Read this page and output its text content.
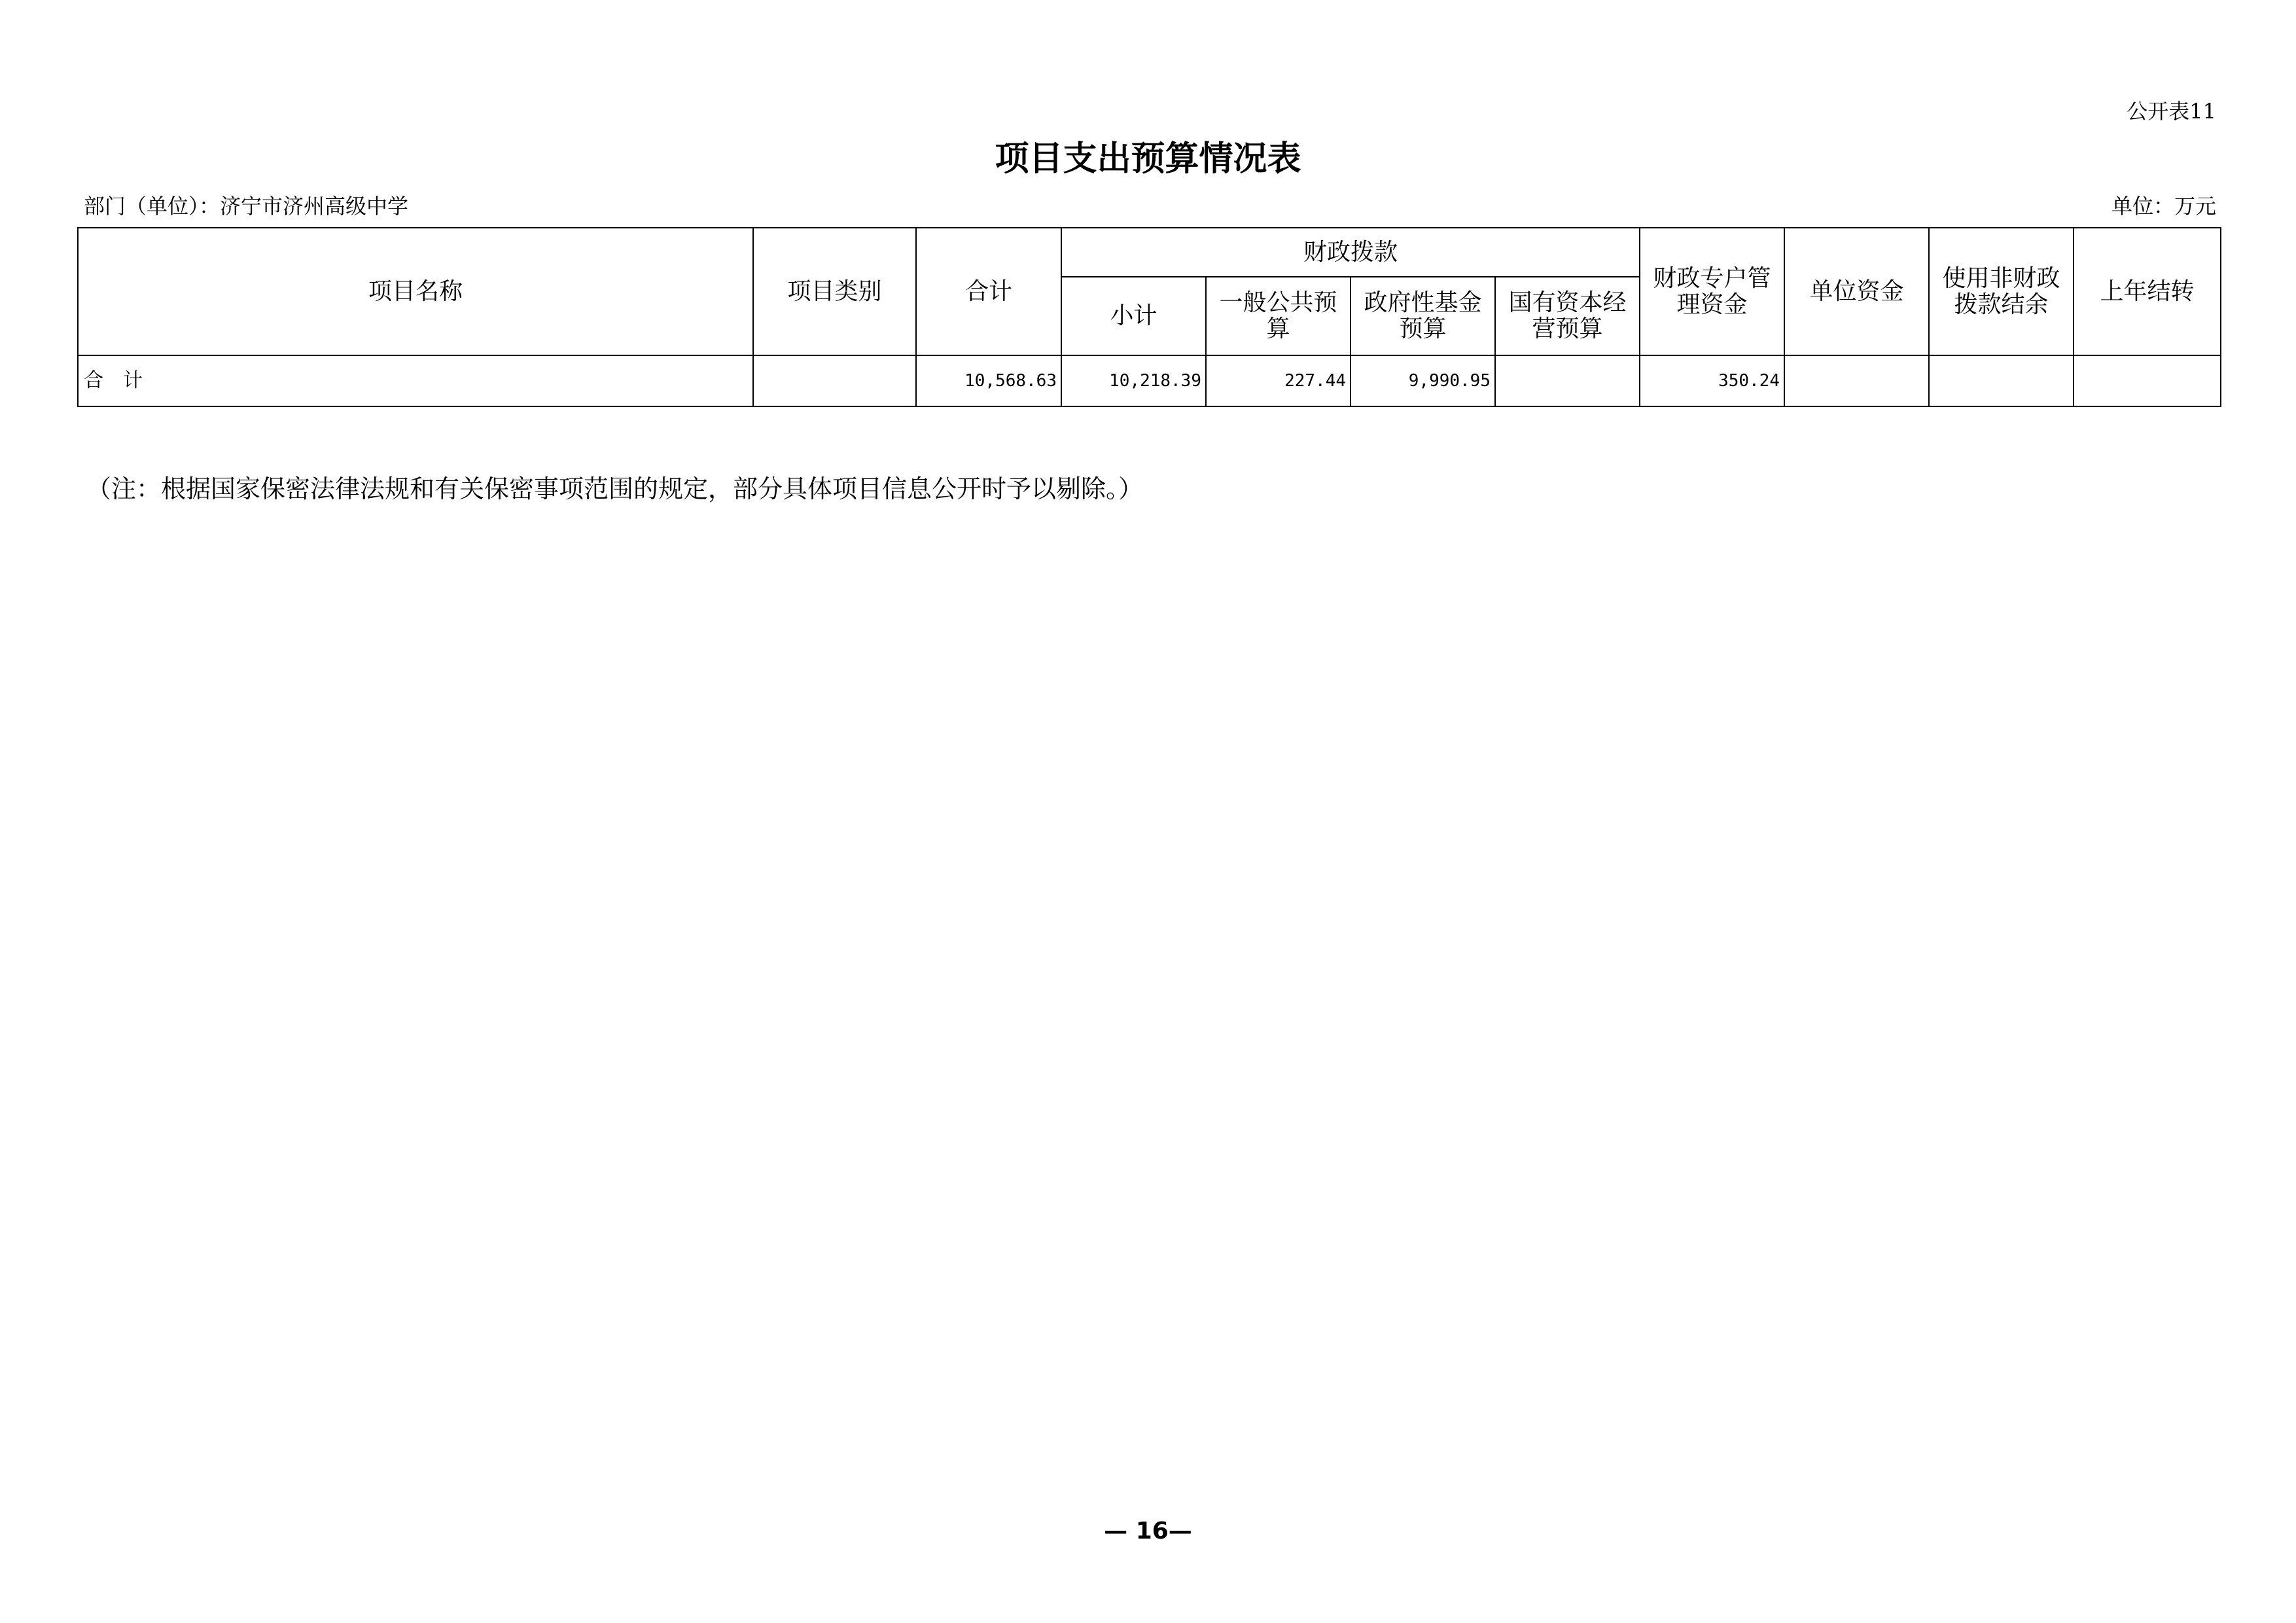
公开表11
项目支出预算情况表
部门（单位）：济宁市济州高级中学	单位：万元
项目名称	项目类别	合计	财政拨款				财政专户管理资金	单位资金	使用非财政拨款结余	上年结转
			小计	一般公共预算	政府性基金预算	国有资本经营预算				
合　计		10,568.63	10,218.39	227.44	9,990.95		350.24			
（注：根据国家保密法律法规和有关保密事项范围的规定，部分具体项目信息公开时予以剔除。）
— 16—
